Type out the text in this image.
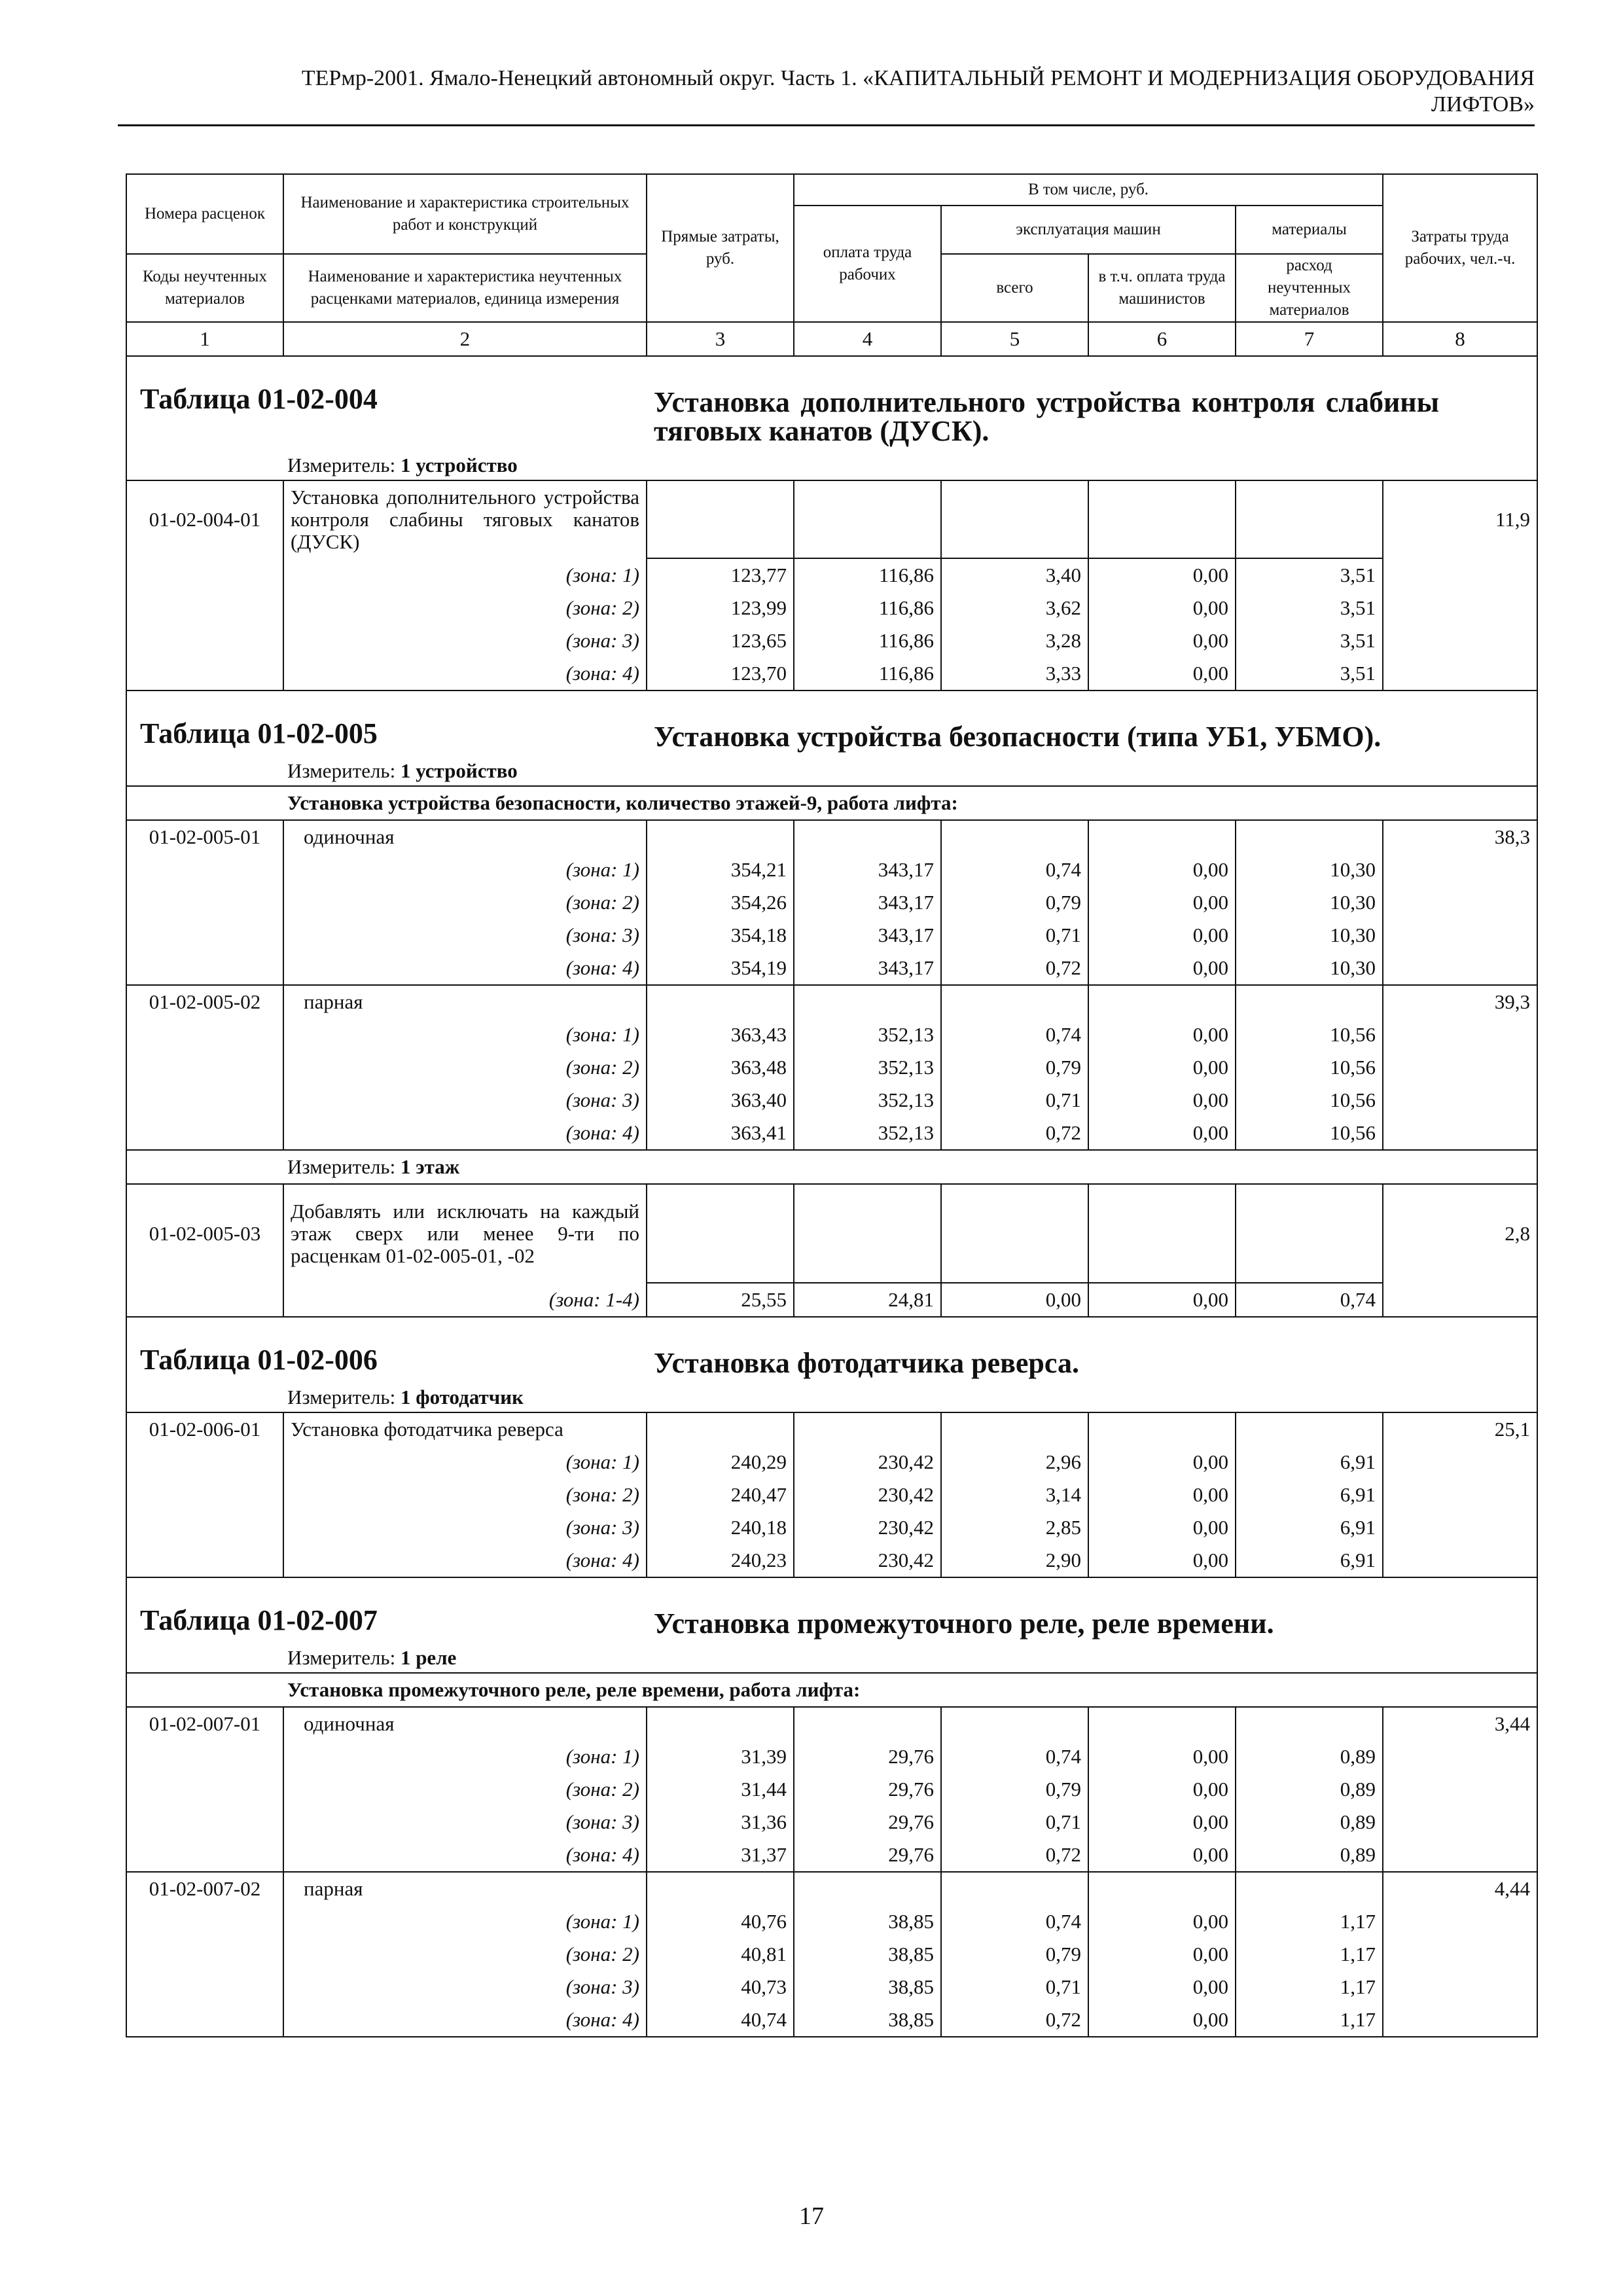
ТЕРмр-2001. Ямало-Ненецкий автономный округ. Часть 1. «КАПИТАЛЬНЫЙ РЕМОНТ И МОДЕРНИЗАЦИЯ ОБОРУДОВАНИЯ
ЛИФТОВ»
Номера расценок	Наименование и характеристика строительных работ и конструкций	Прямые затраты, руб.	В том числе, руб.				Затраты труда рабочих, чел.-ч.
			оплата труда рабочих	эксплуатация машин		материалы	
Коды неучтенных материалов	Наименование и характеристика неучтенных расценками материалов, единица измерения			всего	в т.ч. оплата труда машинистов	расход неучтенных материалов	
1	2	3	4	5	6	7	8

Таблица 01-02-004 Установка дополнительного устройства контроля слабины тяговых канатов (ДУСК).
Измеритель: 1 устройство							

01-02-004-01	Установка дополнительного устройства контроля слабины тяговых канатов (ДУСК)						11,9
	(зона: 1)	123,77	116,86	3,40	0,00	3,51	
	(зона: 2)	123,99	116,86	3,62	0,00	3,51	
	(зона: 3)	123,65	116,86	3,28	0,00	3,51	
	(зона: 4)	123,70	116,86	3,33	0,00	3,51	

Таблица 01-02-005 Установка устройства безопасности (типа УБ1, УБМО).
Измеритель: 1 устройство							

Установка устройства безопасности, количество этажей-9, работа лифта:							
01-02-005-01	одиночная						38,3
	(зона: 1)	354,21	343,17	0,74	0,00	10,30	
	(зона: 2)	354,26	343,17	0,79	0,00	10,30	
	(зона: 3)	354,18	343,17	0,71	0,00	10,30	
	(зона: 4)	354,19	343,17	0,72	0,00	10,30	
01-02-005-02	парная						39,3
	(зона: 1)	363,43	352,13	0,74	0,00	10,56	
	(зона: 2)	363,48	352,13	0,79	0,00	10,56	
	(зона: 3)	363,40	352,13	0,71	0,00	10,56	
	(зона: 4)	363,41	352,13	0,72	0,00	10,56	
Измеритель: 1 этаж							
01-02-005-03	Добавлять или исключать на каждый этаж сверх или менее 9-ти по расценкам 01-02-005-01, -02						2,8
	(зона: 1-4)	25,55	24,81	0,00	0,00	0,74	

Таблица 01-02-006 Установка фотодатчика реверса.
Измеритель: 1 фотодатчик							

01-02-006-01	Установка фотодатчика реверса						25,1
	(зона: 1)	240,29	230,42	2,96	0,00	6,91	
	(зона: 2)	240,47	230,42	3,14	0,00	6,91	
	(зона: 3)	240,18	230,42	2,85	0,00	6,91	
	(зона: 4)	240,23	230,42	2,90	0,00	6,91	

Таблица 01-02-007 Установка промежуточного реле, реле времени.
Измеритель: 1 реле							

Установка промежуточного реле, реле времени, работа лифта:							
01-02-007-01	одиночная						3,44
	(зона: 1)	31,39	29,76	0,74	0,00	0,89	
	(зона: 2)	31,44	29,76	0,79	0,00	0,89	
	(зона: 3)	31,36	29,76	0,71	0,00	0,89	
	(зона: 4)	31,37	29,76	0,72	0,00	0,89	
01-02-007-02	парная						4,44
	(зона: 1)	40,76	38,85	0,74	0,00	1,17	
	(зона: 2)	40,81	38,85	0,79	0,00	1,17	
	(зона: 3)	40,73	38,85	0,71	0,00	1,17	
	(зона: 4)	40,74	38,85	0,72	0,00	1,17	
17
